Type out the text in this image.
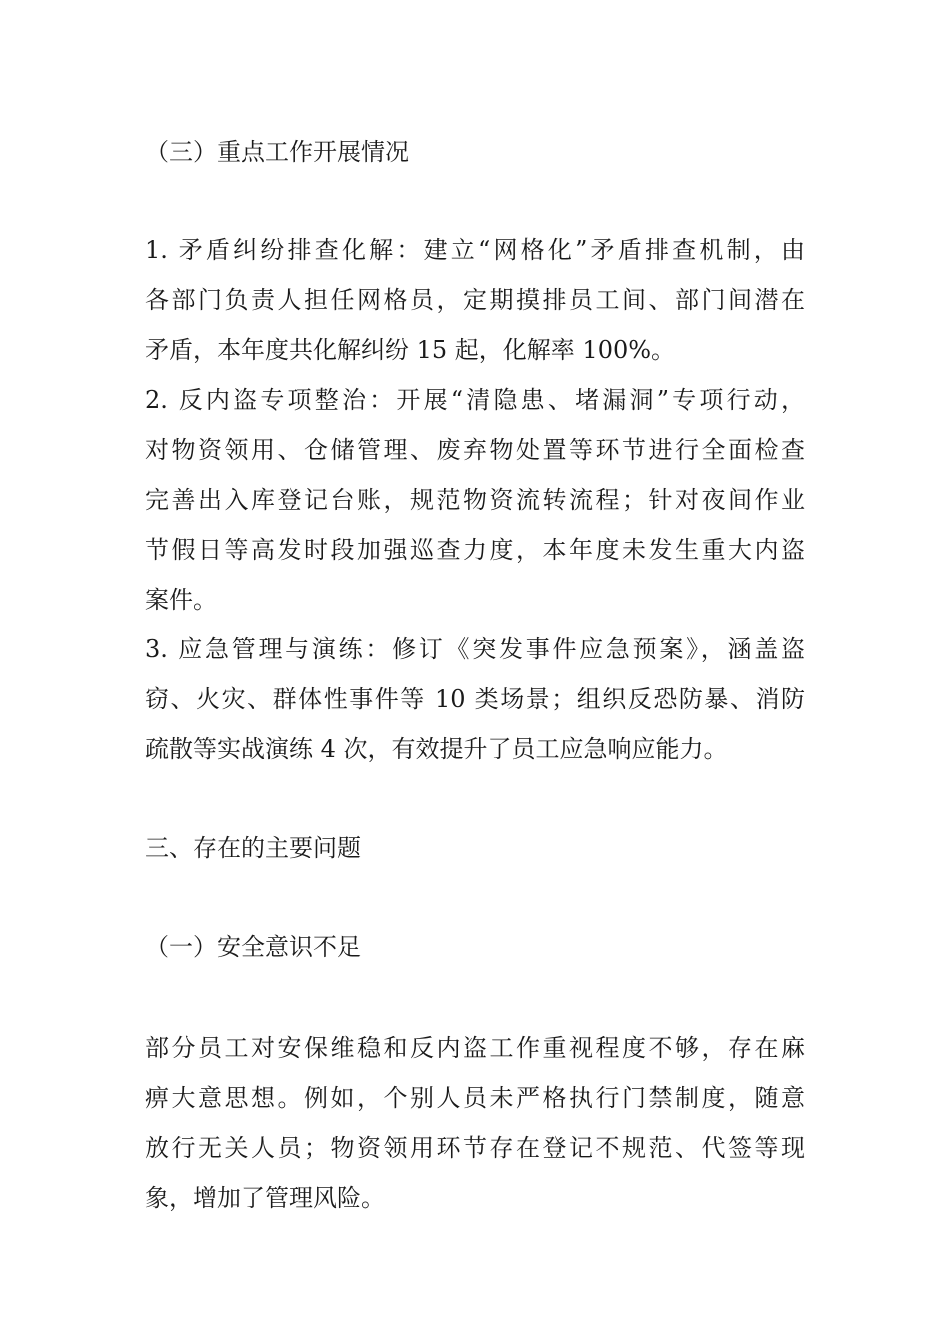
（三）重点工作开展情况

1. 矛盾纠纷排查化解：建立“网格化”矛盾排查机制，由

各部门负责人担任网格员，定期摸排员工间、部门间潜在

矛盾，本年度共化解纠纷 15 起，化解率 100%。

2. 反内盗专项整治：开展“清隐患、堵漏洞”专项行动，

对物资领用、仓储管理、废弃物处置等环节进行全面检查

完善出入库登记台账，规范物资流转流程；针对夜间作业

节假日等高发时段加强巡查力度，本年度未发生重大内盗

案件。

3. 应急管理与演练：修订《突发事件应急预案》，涵盖盗

窃、火灾、群体性事件等 10 类场景；组织反恐防暴、消防

疏散等实战演练 4 次，有效提升了员工应急响应能力。

三、存在的主要问题

（一）安全意识不足

部分员工对安保维稳和反内盗工作重视程度不够，存在麻

痹大意思想。例如，个别人员未严格执行门禁制度，随意

放行无关人员；物资领用环节存在登记不规范、代签等现

象，增加了管理风险。
